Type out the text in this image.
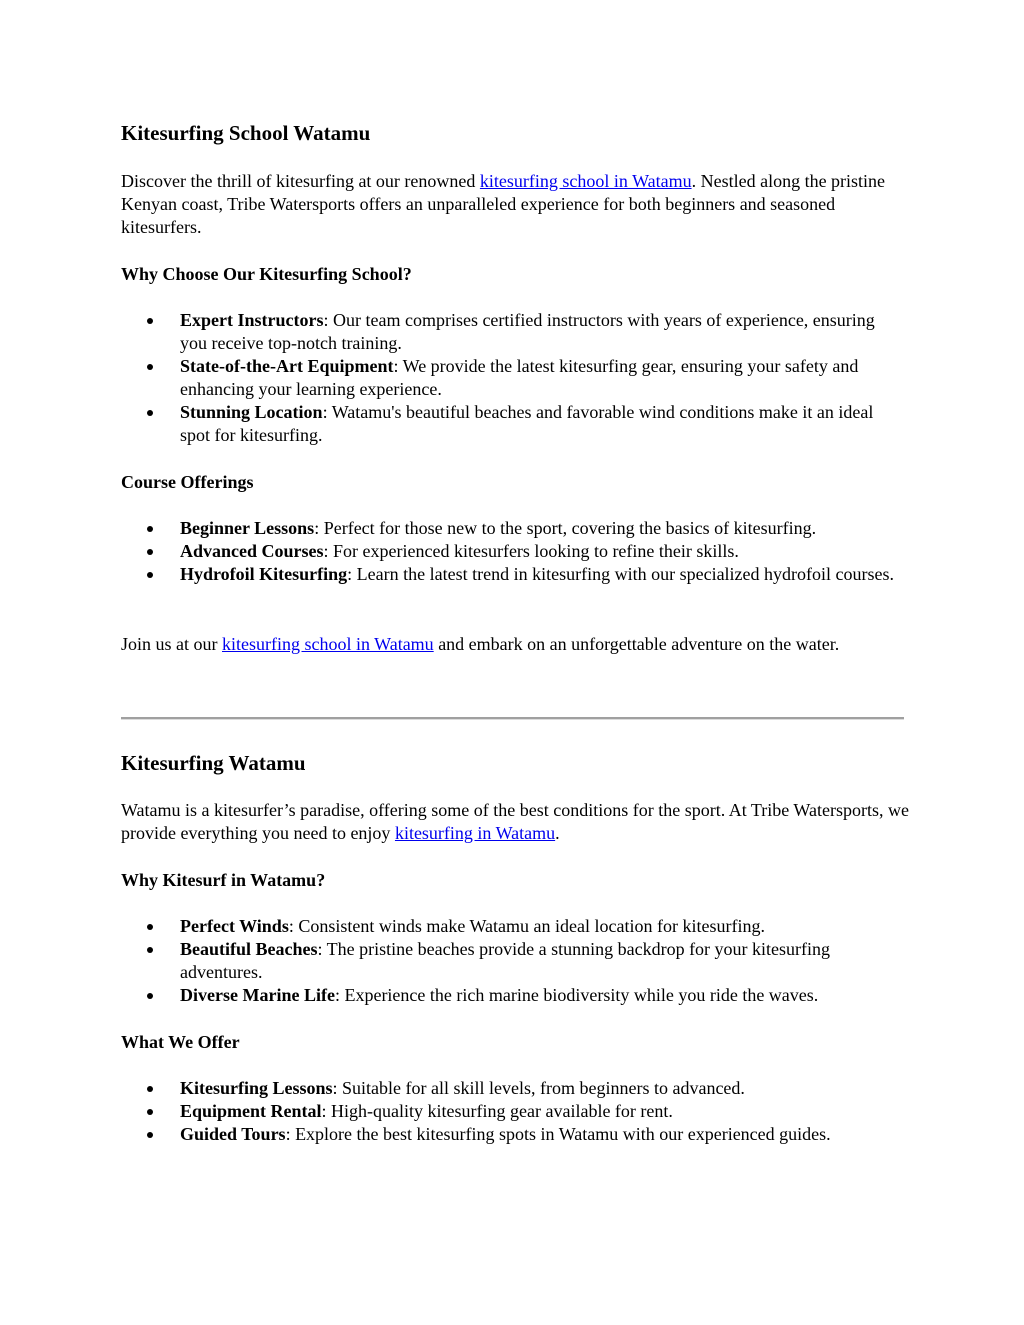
Kitesurfing School Watamu
Discover the thrill of kitesurfing at our renowned kitesurfing school in Watamu. Nestled along the pristine Kenyan coast, Tribe Watersports offers an unparalleled experience for both beginners and seasoned kitesurfers.
Why Choose Our Kitesurfing School?
Expert Instructors: Our team comprises certified instructors with years of experience, ensuring you receive top-notch training.
State-of-the-Art Equipment: We provide the latest kitesurfing gear, ensuring your safety and enhancing your learning experience.
Stunning Location: Watamu's beautiful beaches and favorable wind conditions make it an ideal spot for kitesurfing.
Course Offerings
Beginner Lessons: Perfect for those new to the sport, covering the basics of kitesurfing.
Advanced Courses: For experienced kitesurfers looking to refine their skills.
Hydrofoil Kitesurfing: Learn the latest trend in kitesurfing with our specialized hydrofoil courses.
Join us at our kitesurfing school in Watamu and embark on an unforgettable adventure on the water.
Kitesurfing Watamu
Watamu is a kitesurfer’s paradise, offering some of the best conditions for the sport. At Tribe Watersports, we provide everything you need to enjoy kitesurfing in Watamu.
Why Kitesurf in Watamu?
Perfect Winds: Consistent winds make Watamu an ideal location for kitesurfing.
Beautiful Beaches: The pristine beaches provide a stunning backdrop for your kitesurfing adventures.
Diverse Marine Life: Experience the rich marine biodiversity while you ride the waves.
What We Offer
Kitesurfing Lessons: Suitable for all skill levels, from beginners to advanced.
Equipment Rental: High-quality kitesurfing gear available for rent.
Guided Tours: Explore the best kitesurfing spots in Watamu with our experienced guides.
